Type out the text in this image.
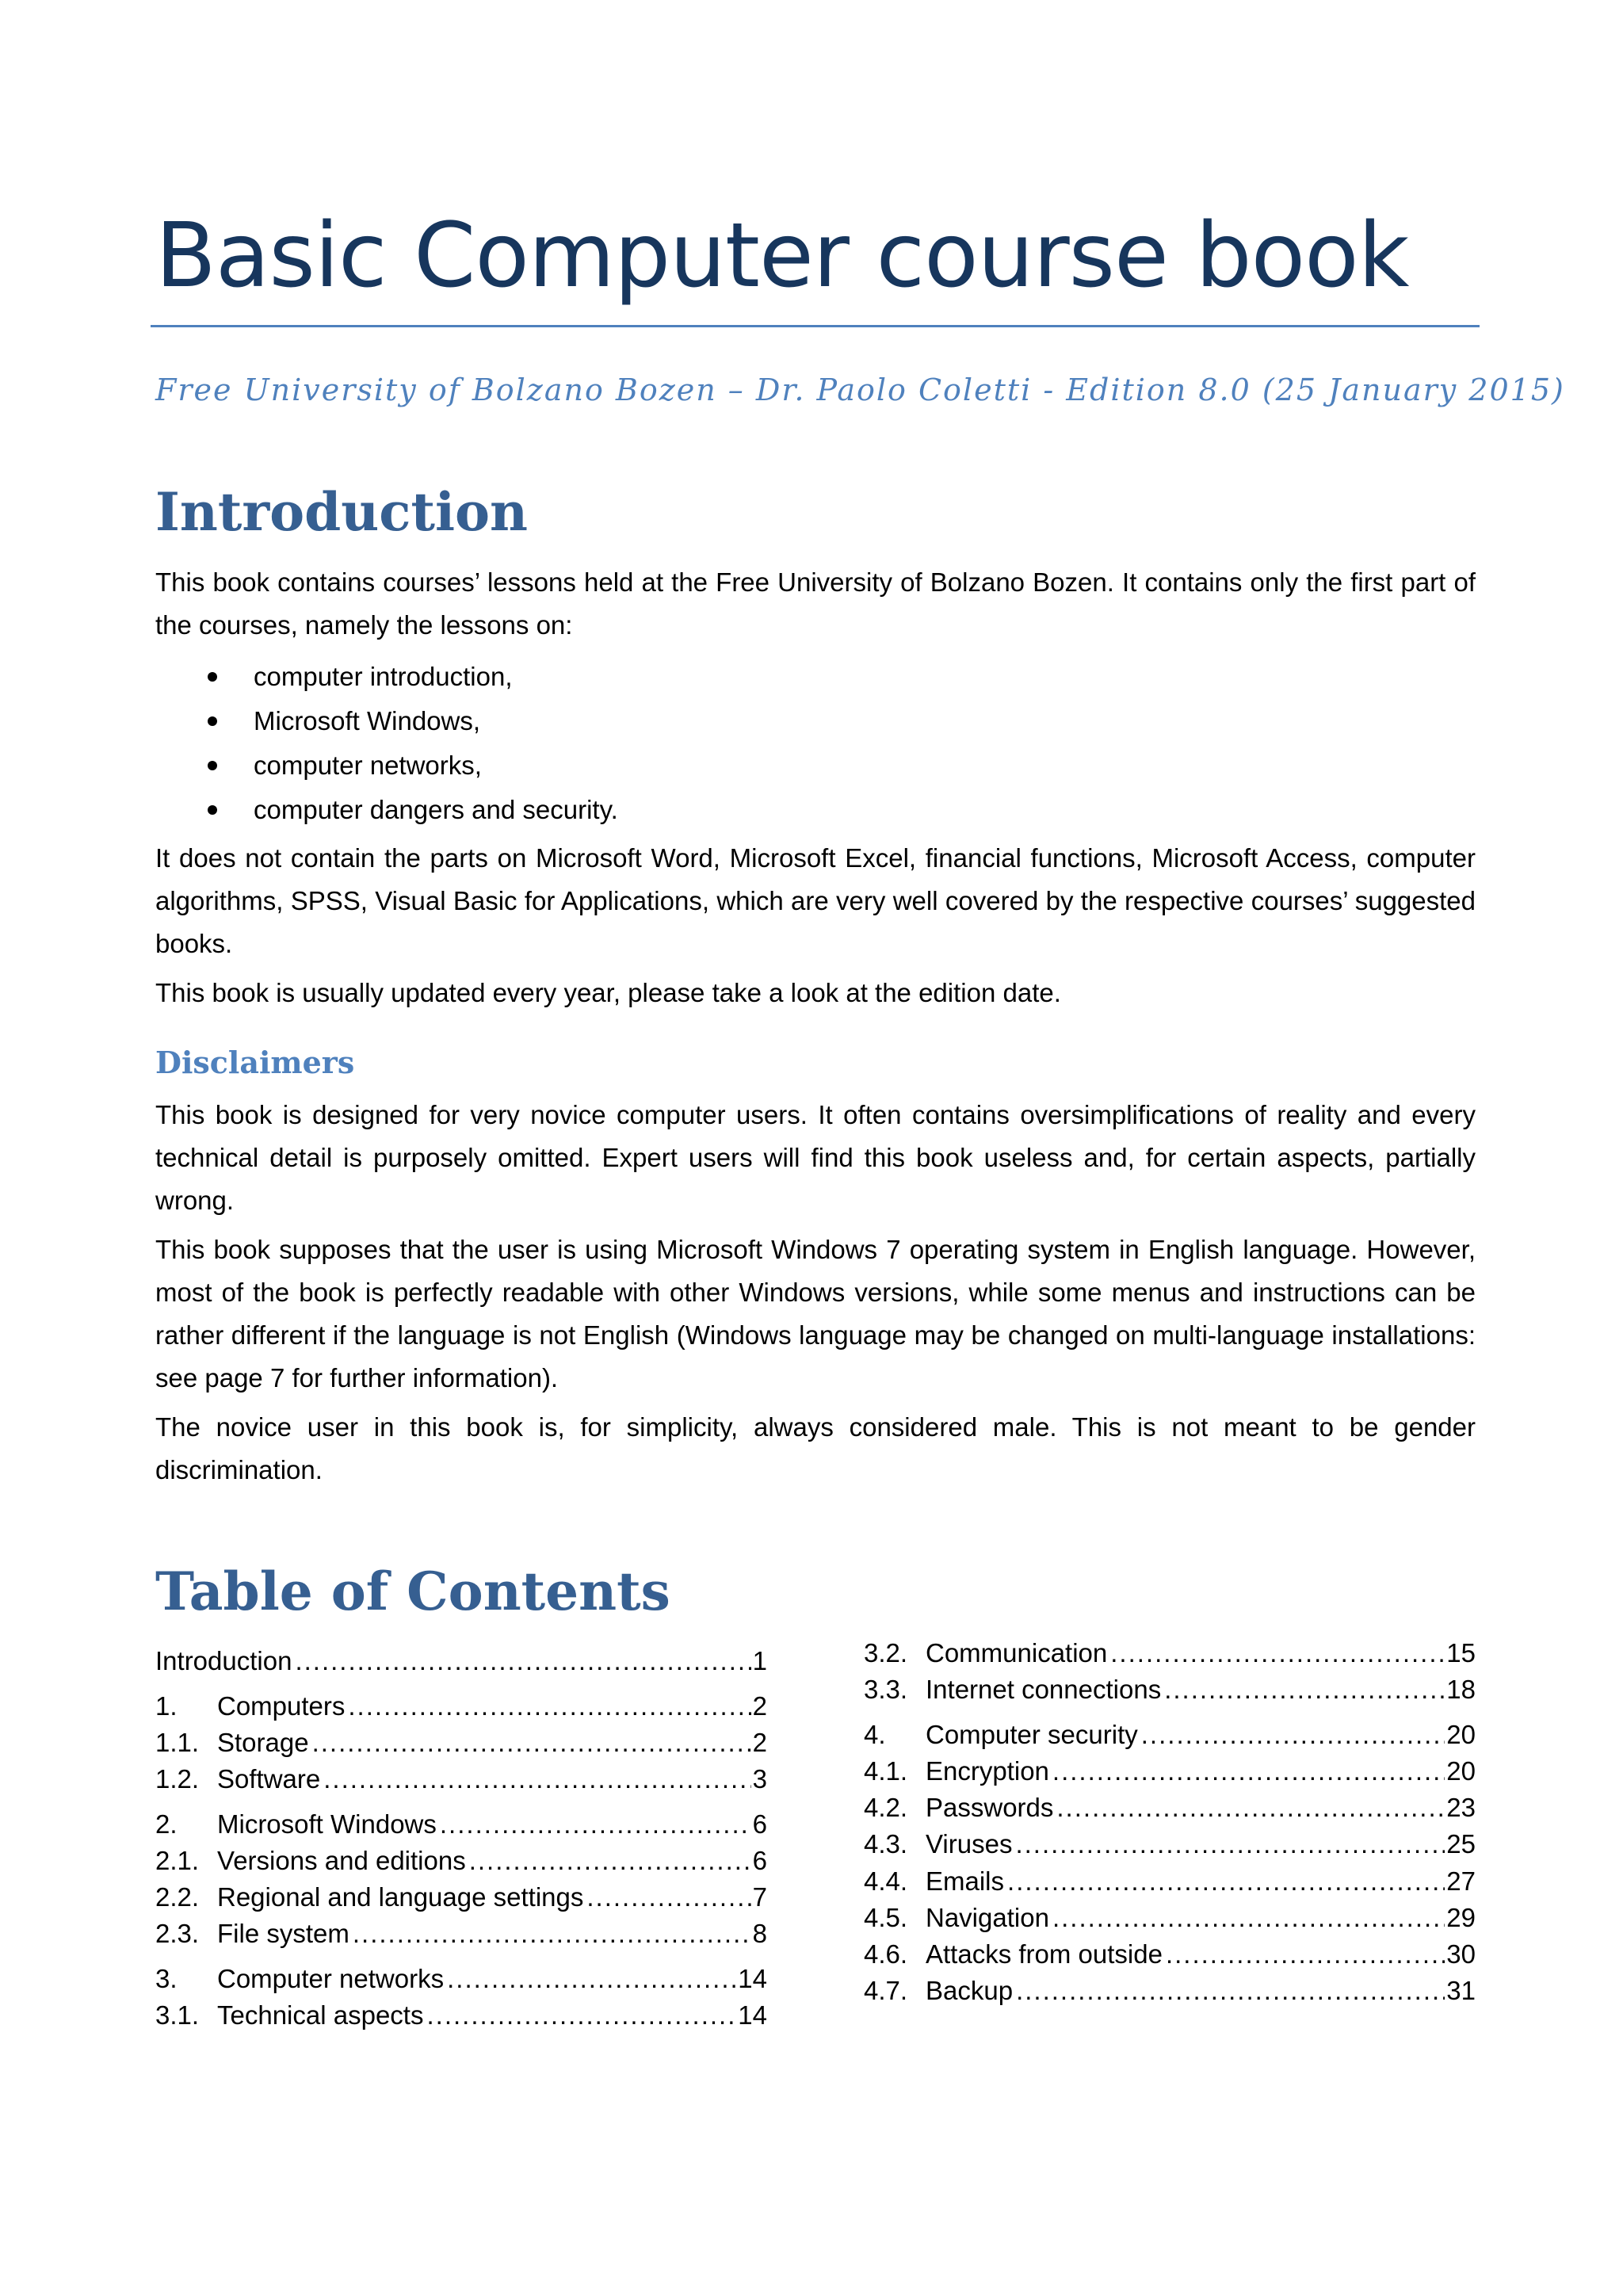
Basic Computer course book
Free University of Bolzano Bozen – Dr. Paolo Coletti - Edition 8.0 (25 January 2015)
Introduction
This book contains courses’ lessons held at the Free University of Bolzano Bozen. It contains only the first part of the courses, namely the lessons on:
computer introduction,
Microsoft Windows,
computer networks,
computer dangers and security.
It does not contain the parts on Microsoft Word, Microsoft Excel, financial functions, Microsoft Access, computer algorithms, SPSS, Visual Basic for Applications, which are very well covered by the respective courses’ suggested books.
This book is usually updated every year, please take a look at the edition date.
Disclaimers
This book is designed for very novice computer users. It often contains oversimplifications of reality and every technical detail is purposely omitted. Expert users will find this book useless and, for certain aspects, partially wrong.
This book supposes that the user is using Microsoft Windows 7 operating system in English language. However, most of the book is perfectly readable with other Windows versions, while some menus and instructions can be rather different if the language is not English (Windows language may be changed on multi-language installations: see page 7 for further information).
The novice user in this book is, for simplicity, always considered male. This is not meant to be gender discrimination.
Table of Contents
Introduction .....	1
1.	Computers .....	2
1.1. Storage .....	2
1.2. Software .....	3
2.	Microsoft Windows .....	6
2.1. Versions and editions .....	6
2.2. Regional and language settings .....	7
2.3. File system .....	8
3.	Computer networks .....	14
3.1. Technical aspects .....	14
3.2. Communication .....	15
3.3. Internet connections .....	18
4.	Computer security .....	20
4.1. Encryption .....	20
4.2. Passwords .....	23
4.3. Viruses .....	25
4.4. Emails .....	27
4.5. Navigation .....	29
4.6. Attacks from outside .....	30
4.7. Backup .....	31
